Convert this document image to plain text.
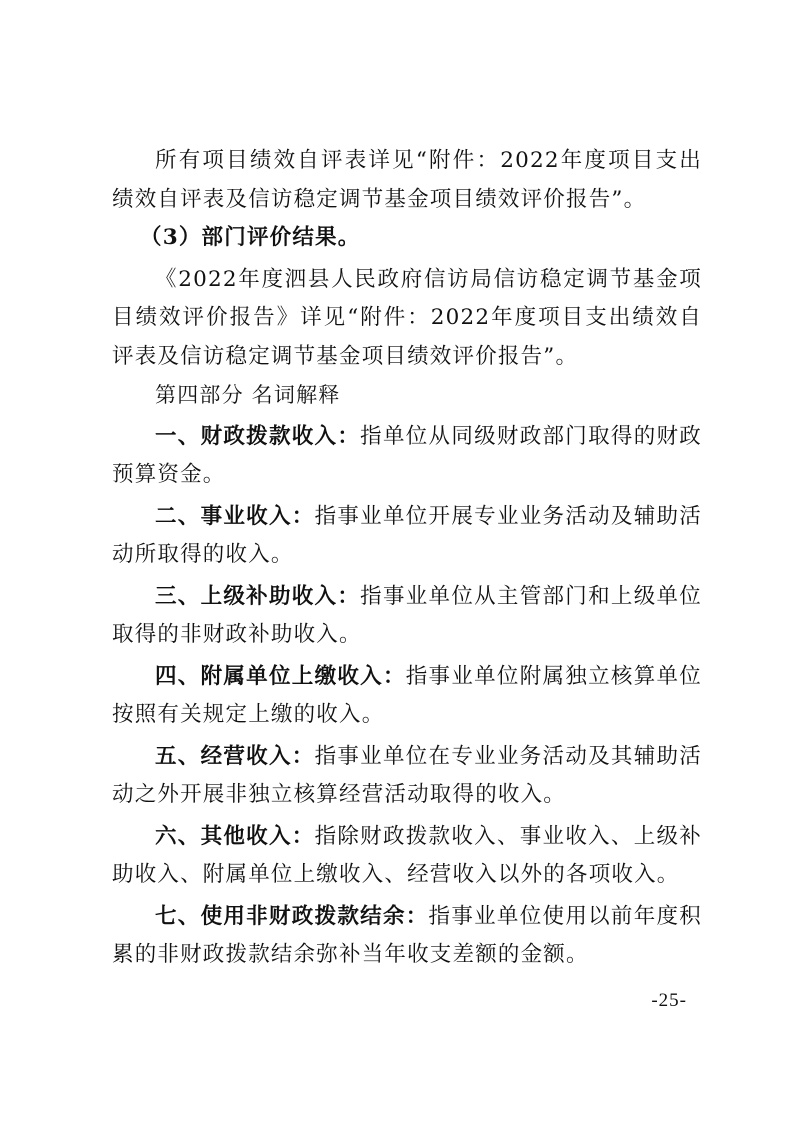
所有项目绩效自评表详见“附件：2022年度项目支出绩效自评表及信访稳定调节基金项目绩效评价报告”。

（3）部门评价结果。

《2022年度泗县人民政府信访局信访稳定调节基金项目绩效评价报告》详见“附件：2022年度项目支出绩效自评表及信访稳定调节基金项目绩效评价报告”。

第四部分 名词解释

一、财政拨款收入：指单位从同级财政部门取得的财政预算资金。

二、事业收入：指事业单位开展专业业务活动及辅助活动所取得的收入。

三、上级补助收入：指事业单位从主管部门和上级单位取得的非财政补助收入。

四、附属单位上缴收入：指事业单位附属独立核算单位按照有关规定上缴的收入。

五、经营收入：指事业单位在专业业务活动及其辅助活动之外开展非独立核算经营活动取得的收入。

六、其他收入：指除财政拨款收入、事业收入、上级补助收入、附属单位上缴收入、经营收入以外的各项收入。

七、使用非财政拨款结余：指事业单位使用以前年度积累的非财政拨款结余弥补当年收支差额的金额。

-25-
